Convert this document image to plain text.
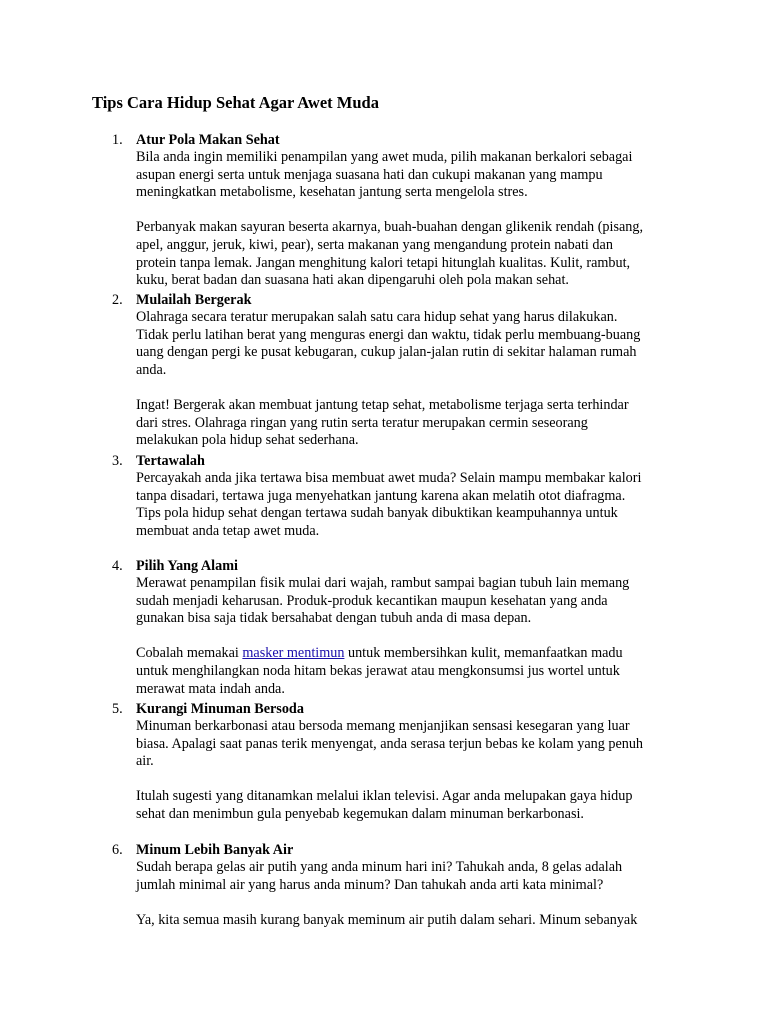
Tips Cara Hidup Sehat Agar Awet Muda
1. Atur Pola Makan Sehat
Bila anda ingin memiliki penampilan yang awet muda, pilih makanan berkalori sebagai
asupan energi serta untuk menjaga suasana hati dan cukupi makanan yang mampu
meningkatkan metabolisme, kesehatan jantung serta mengelola stres.
Perbanyak makan sayuran beserta akarnya, buah-buahan dengan glikenik rendah (pisang,
apel, anggur, jeruk, kiwi, pear), serta makanan yang mengandung protein nabati dan
protein tanpa lemak. Jangan menghitung kalori tetapi hitunglah kualitas. Kulit, rambut,
kuku, berat badan dan suasana hati akan dipengaruhi oleh pola makan sehat.
2. Mulailah Bergerak
Olahraga secara teratur merupakan salah satu cara hidup sehat yang harus dilakukan.
Tidak perlu latihan berat yang menguras energi dan waktu, tidak perlu membuang-buang
uang dengan pergi ke pusat kebugaran, cukup jalan-jalan rutin di sekitar halaman rumah
anda.
Ingat! Bergerak akan membuat jantung tetap sehat, metabolisme terjaga serta terhindar
dari stres. Olahraga ringan yang rutin serta teratur merupakan cermin seseorang
melakukan pola hidup sehat sederhana.
3. Tertawalah
Percayakah anda jika tertawa bisa membuat awet muda? Selain mampu membakar kalori
tanpa disadari, tertawa juga menyehatkan jantung karena akan melatih otot diafragma.
Tips pola hidup sehat dengan tertawa sudah banyak dibuktikan keampuhannya untuk
membuat anda tetap awet muda.
4. Pilih Yang Alami
Merawat penampilan fisik mulai dari wajah, rambut sampai bagian tubuh lain memang
sudah menjadi keharusan. Produk-produk kecantikan maupun kesehatan yang anda
gunakan bisa saja tidak bersahabat dengan tubuh anda di masa depan.
Cobalah memakai masker mentimun untuk membersihkan kulit, memanfaatkan madu
untuk menghilangkan noda hitam bekas jerawat atau mengkonsumsi jus wortel untuk
merawat mata indah anda.
5. Kurangi Minuman Bersoda
Minuman berkarbonasi atau bersoda memang menjanjikan sensasi kesegaran yang luar
biasa. Apalagi saat panas terik menyengat, anda serasa terjun bebas ke kolam yang penuh
air.
Itulah sugesti yang ditanamkan melalui iklan televisi. Agar anda melupakan gaya hidup
sehat dan menimbun gula penyebab kegemukan dalam minuman berkarbonasi.
6. Minum Lebih Banyak Air
Sudah berapa gelas air putih yang anda minum hari ini? Tahukah anda, 8 gelas adalah
jumlah minimal air yang harus anda minum? Dan tahukah anda arti kata minimal?
Ya, kita semua masih kurang banyak meminum air putih dalam sehari. Minum sebanyak
